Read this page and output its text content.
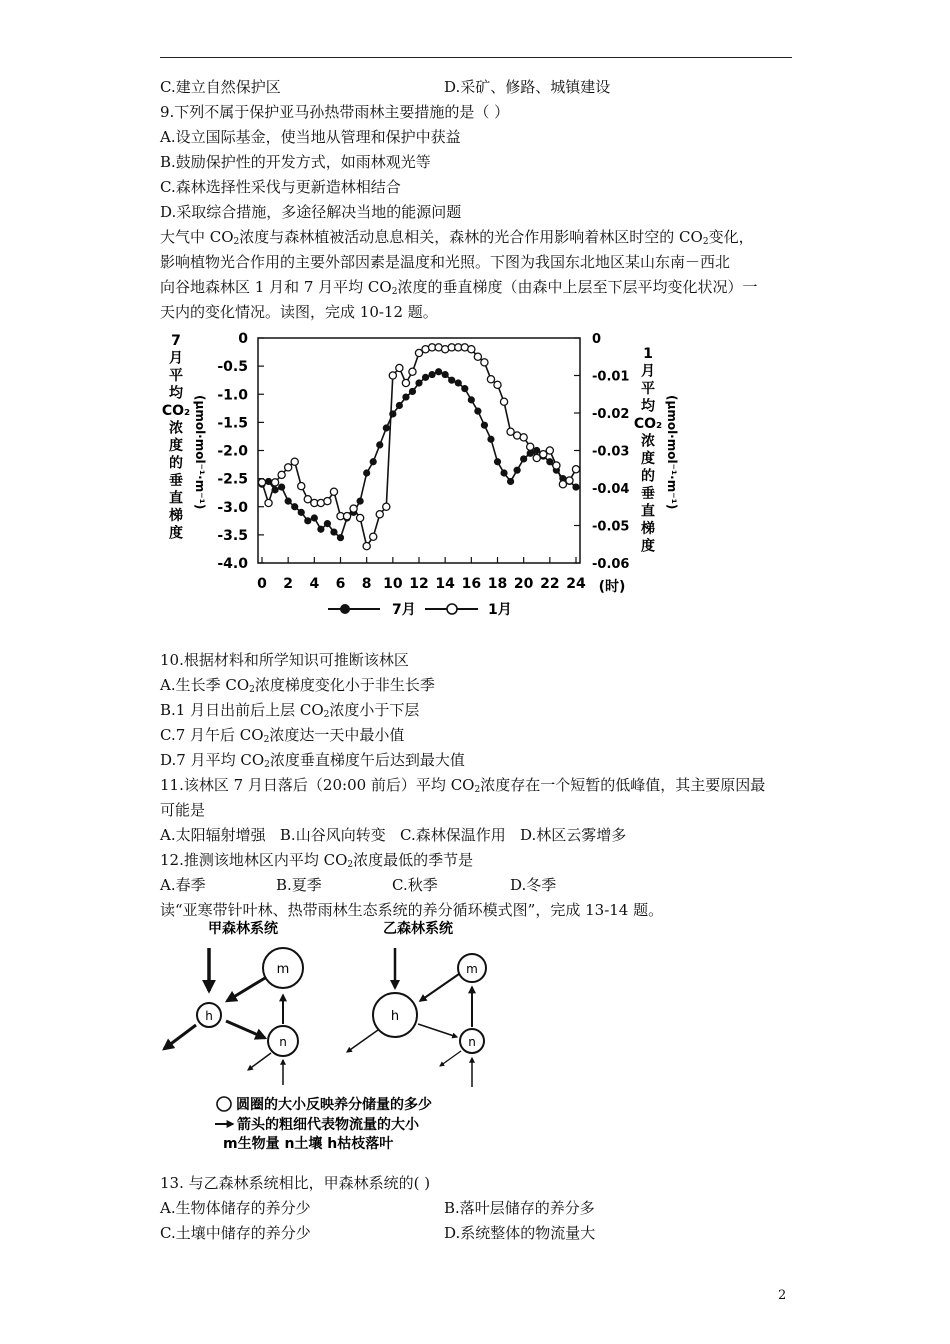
C.建立自然保护区	D.采矿、修路、城镇建设
9.下列不属于保护亚马孙热带雨林主要措施的是（ ）
A.设立国际基金，使当地从管理和保护中获益
B.鼓励保护性的开发方式，如雨林观光等
C.森林选择性采伐与更新造林相结合
D.采取综合措施，多途径解决当地的能源问题
大气中 $CO_2$浓度与森林植被活动息息相关，森林的光合作用影响着林区时空的 $CO_2$变化，
影响植物光合作用的主要外部因素是温度和光照。下图为我国东北地区某山东南－西北
向谷地森林区 1 月和 7 月平均 $CO_2$浓度的垂直梯度（由森中上层至下层平均变化状况）一
天内的变化情况。读图，完成 10-12 题。
0
-0.5
-1.0
-1.5
-2.0
-2.5
-3.0
-3.5
-4.0
0
-0.01
-0.02
-0.03
-0.04
-0.05
-0.06
0 2 4 6 8 10 12 14 16 18 20 22 24
7
月
平
均
CO₂
浓
度
的
垂
直
梯
度
(μmol·mol⁻¹·m⁻¹)
1
月
平
均
CO₂
浓
度
的
垂
直
梯
度
(μmol·mol⁻¹·m⁻¹)
(时)
7月	1月
10.根据材料和所学知识可推断该林区
A.生长季 $CO_2$浓度梯度变化小于非生长季
B.1 月日出前后上层 $CO_2$浓度小于下层
C.7 月午后 $CO_2$浓度达一天中最小值
D.7 月平均 $CO_2$浓度垂直梯度午后达到最大值
11.该林区 7 月日落后（20:00 前后）平均 $CO_2$浓度存在一个短暂的低峰值，其主要原因最
可能是
A.太阳辐射增强   B.山谷风向转变   C.森林保温作用   D.林区云雾增多
12.推测该地林区内平均 $CO_2$浓度最低的季节是
A.春季	B.夏季	C.秋季	D.冬季
读“亚寒带针叶林、热带雨林生态系统的养分循环模式图”，完成 13-14 题。
甲森林系统	乙森林系统
m
h
n
m
h
n
圆圈的大小反映养分储量的多少
箭头的粗细代表物流量的大小
m生物量 n土壤 h枯枝落叶
13. 与乙森林系统相比，甲森林系统的( )
A.生物体储存的养分少	B.落叶层储存的养分多
C.土壤中储存的养分少	D.系统整体的物流量大
2
